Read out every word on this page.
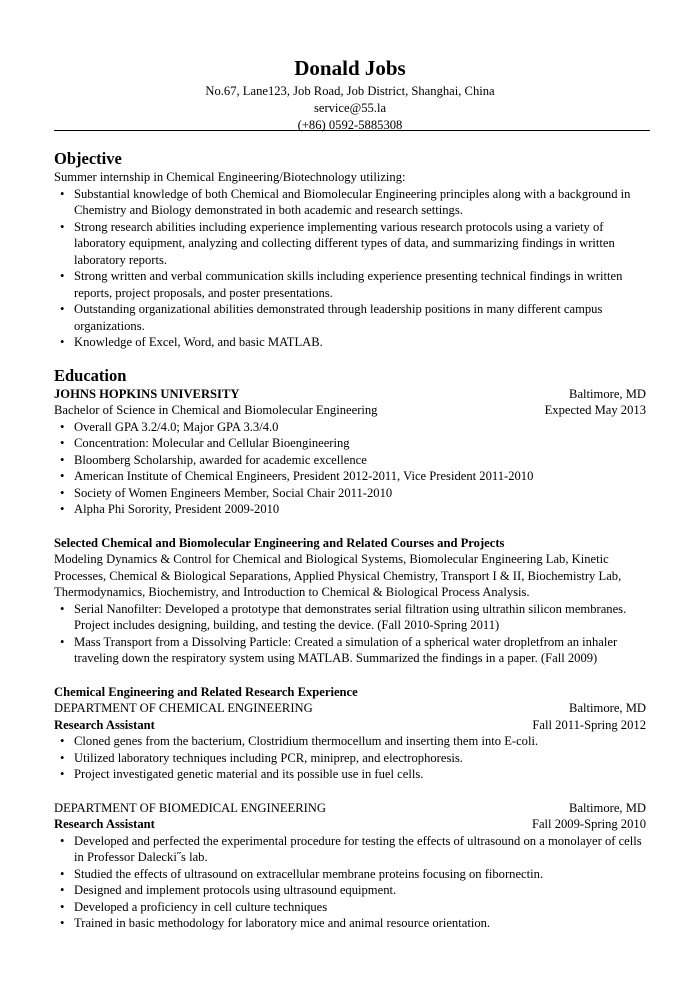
Donald Jobs
No.67, Lane123, Job Road, Job District, Shanghai, China
service@55.la
(+86) 0592-5885308
Objective
Summer internship in Chemical Engineering/Biotechnology utilizing:
• Substantial knowledge of both Chemical and Biomolecular Engineering principles along with a background in Chemistry and Biology demonstrated in both academic and research settings.
• Strong research abilities including experience implementing various research protocols using a variety of laboratory equipment, analyzing and collecting different types of data, and summarizing findings in written laboratory reports.
• Strong written and verbal communication skills including experience presenting technical findings in written reports, project proposals, and poster presentations.
• Outstanding organizational abilities demonstrated through leadership positions in many different campus organizations.
• Knowledge of Excel, Word, and basic MATLAB.
Education
JOHNS HOPKINS UNIVERSITY	Baltimore, MD
Bachelor of Science in Chemical and Biomolecular Engineering	Expected May 2013
• Overall GPA 3.2/4.0; Major GPA 3.3/4.0
• Concentration: Molecular and Cellular Bioengineering
• Bloomberg Scholarship, awarded for academic excellence
• American Institute of Chemical Engineers, President 2012-2011, Vice President 2011-2010
• Society of Women Engineers Member, Social Chair 2011-2010
• Alpha Phi Sorority, President 2009-2010
Selected Chemical and Biomolecular Engineering and Related Courses and Projects
Modeling Dynamics & Control for Chemical and Biological Systems, Biomolecular Engineering Lab, Kinetic Processes, Chemical & Biological Separations, Applied Physical Chemistry, Transport I & II, Biochemistry Lab, Thermodynamics, Biochemistry, and Introduction to Chemical & Biological Process Analysis.
• Serial Nanofilter: Developed a prototype that demonstrates serial filtration using ultrathin silicon membranes. Project includes designing, building, and testing the device. (Fall 2010-Spring 2011)
• Mass Transport from a Dissolving Particle: Created a simulation of a spherical water dropletfrom an inhaler traveling down the respiratory system using MATLAB. Summarized the findings in a paper. (Fall 2009)
Chemical Engineering and Related Research Experience
DEPARTMENT OF CHEMICAL ENGINEERING	Baltimore, MD
Research Assistant	Fall 2011-Spring 2012
• Cloned genes from the bacterium, Clostridium thermocellum and inserting them into E-coli.
• Utilized laboratory techniques including PCR, miniprep, and electrophoresis.
• Project investigated genetic material and its possible use in fuel cells.
DEPARTMENT OF BIOMEDICAL ENGINEERING	Baltimore, MD
Research Assistant	Fall 2009-Spring 2010
• Developed and perfected the experimental procedure for testing the effects of ultrasound on a monolayer of cells in Professor Dalecki˝s lab.
• Studied the effects of ultrasound on extracellular membrane proteins focusing on fibornectin.
• Designed and implement protocols using ultrasound equipment.
• Developed a proficiency in cell culture techniques
• Trained in basic methodology for laboratory mice and animal resource orientation.
